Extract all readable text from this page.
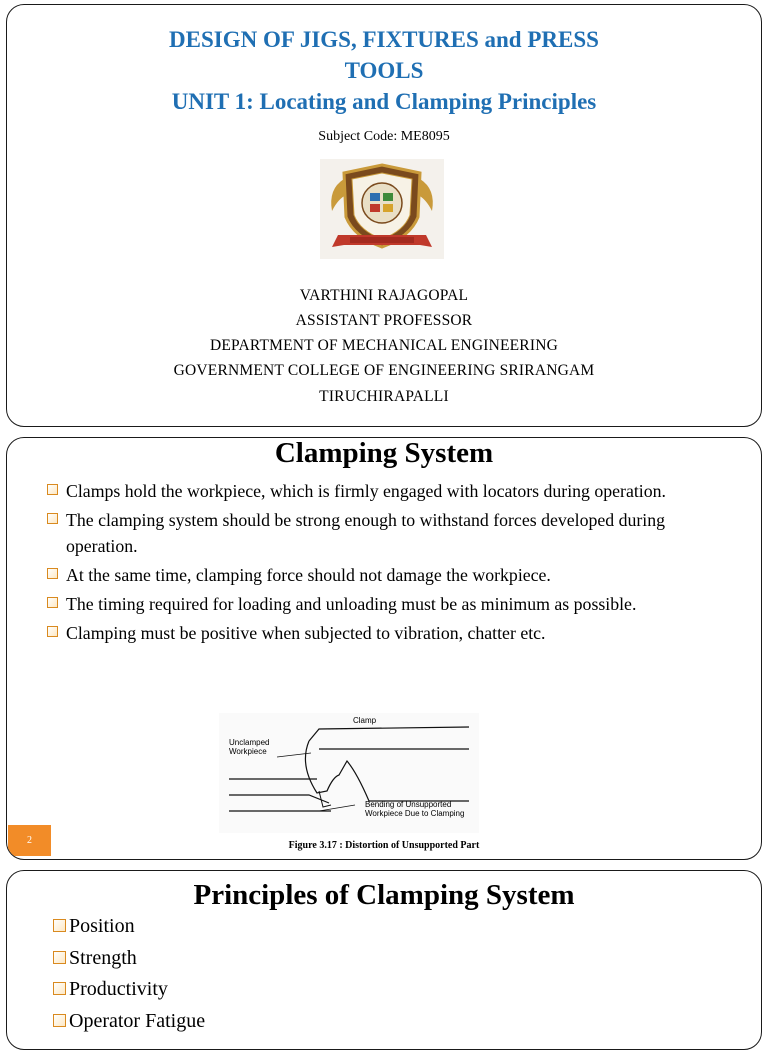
DESIGN OF JIGS, FIXTURES and PRESS
TOOLS
UNIT 1: Locating and Clamping Principles
Subject Code: ME8095
VARTHINI RAJAGOPAL
ASSISTANT PROFESSOR
DEPARTMENT OF MECHANICAL ENGINEERING
GOVERNMENT COLLEGE OF ENGINEERING SRIRANGAM
TIRUCHIRAPALLI
Clamping System
Clamps hold the workpiece, which is firmly engaged with locators during operation.
The clamping system should be strong enough to withstand forces developed during operation.
At the same time, clamping force should not damage the workpiece.
The timing required for loading and unloading must be as minimum as possible.
Clamping must be positive when subjected to vibration, chatter etc.
Clamp
Unclamped
Workpiece
Bending of Unsupported
Workpiece Due to Clamping
Figure 3.17 : Distortion of Unsupported Part
2
Principles of Clamping System
Position
Strength
Productivity
Operator Fatigue
